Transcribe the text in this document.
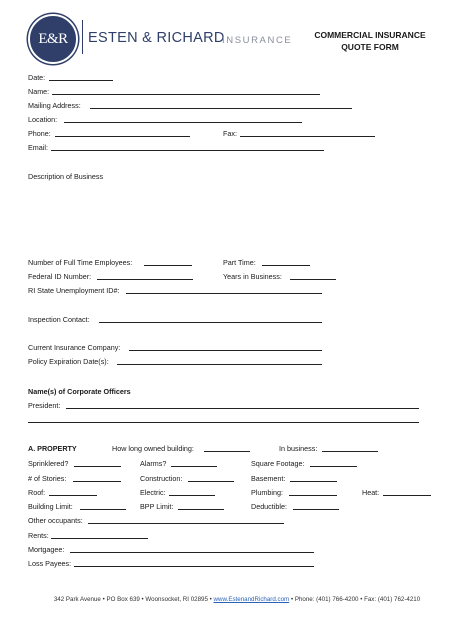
E&R	ESTEN & RICHARD
INSURANCE	COMMERCIAL INSURANCE
QUOTE FORM
Date:
Name:
Mailing Address:
Location:
Phone:	Fax:
Email:
Description of Business
Number of Full Time Employees:	Part Time:
Federal ID Number:	Years in Business:
RI State Unemployment ID#:
Inspection Contact:
Current Insurance Company:
Policy Expiration Date(s):
Name(s) of Corporate Officers
President:
A. PROPERTY	How long owned building:	In business:
Sprinklered?	Alarms?	Square Footage:
# of Stories:	Construction:	Basement:
Roof:	Electric:	Plumbing:	Heat:
Building Limit:	BPP Limit:	Deductible:
Other occupants:
Rents:
Mortgagee:
Loss Payees:
342 Park Avenue • PO Box 639 • Woonsocket, RI 02895 • www.EstenandRichard.com • Phone: (401) 766-4200 • Fax: (401) 762-4210
